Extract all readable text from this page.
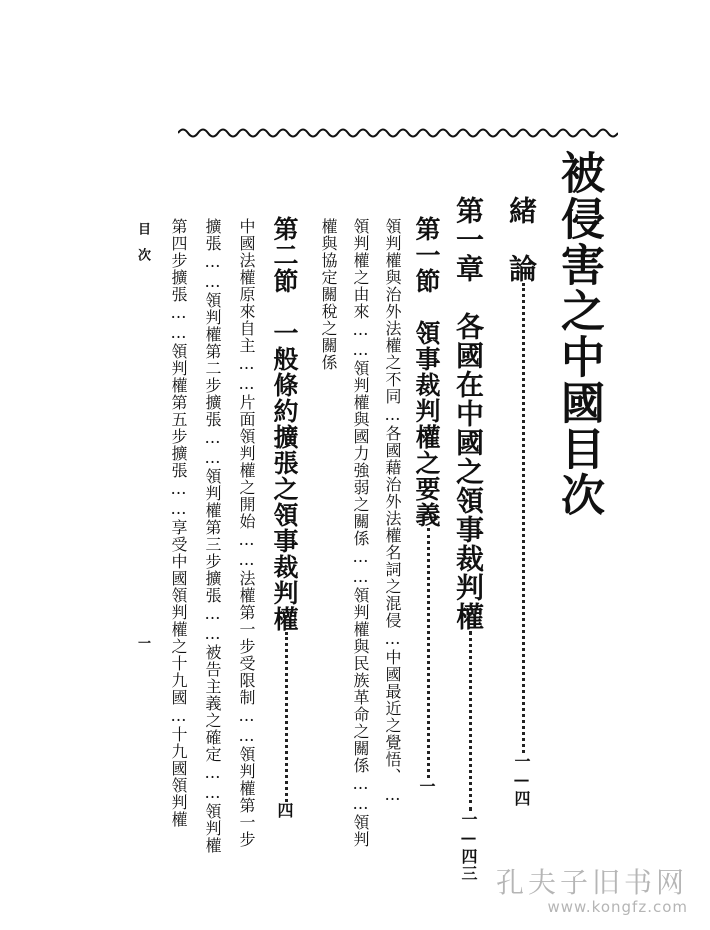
被侵害之中國目次
緒　論一—四
第一章　各國在中國之領事裁判權一—四三
第一節　領事裁判權之要義一
領判權與治外法權之不同…各國藉治外法權名詞之混侵…中國最近之覺悟、…
領判權之由來……領判權與國力強弱之關係……領判權與民族革命之關係……領判
權與協定關稅之關係
第二節　一般條約擴張之領事裁判權四
中國法權原來自主……片面領判權之開始……法權第一步受限制……領判權第一步
擴張……領判權第二步擴張……領判權第三步擴張……被告主義之確定……領判權
第四步擴張……領判權第五步擴張……享受中國領判權之十九國…十九國領判權
目　次
一
孔夫子旧书网
www.kongfz.com
